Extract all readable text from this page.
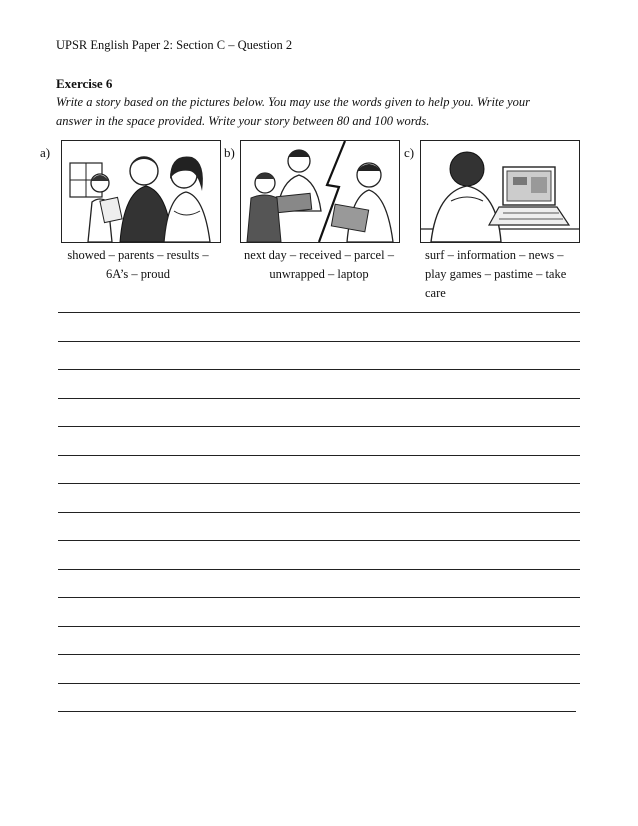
UPSR English Paper 2: Section C – Question 2
Exercise 6
Write a story based on the pictures below. You may use the words given to help you. Write your answer in the space provided. Write your story between 80 and 100 words.
a)
showed – parents – results – 6A’s – proud
b)
next day – received – parcel – unwrapped – laptop
c)
surf – information – news – play games – pastime – take care
